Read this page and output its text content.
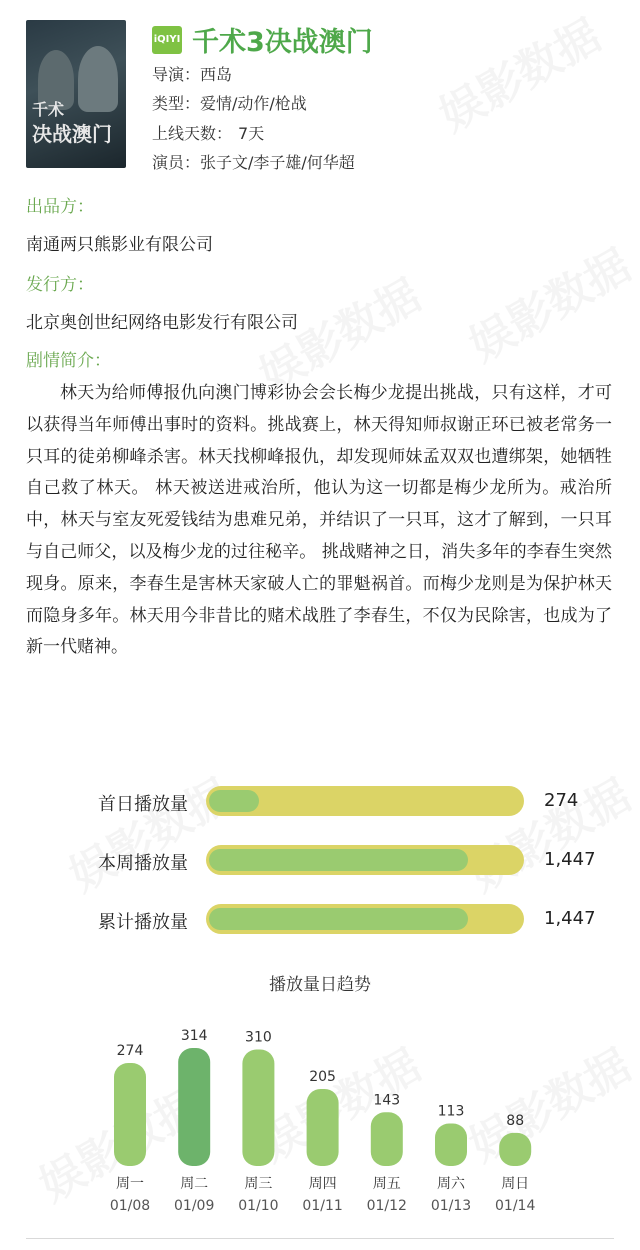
千术
决战澳门
iQIYI 千术3决战澳门
导演：西岛
类型：爱情/动作/枪战
上线天数： 7天
演员：张子文/李子雄/何华超
出品方：
南通两只熊影业有限公司
发行方：
北京奥创世纪网络电影发行有限公司
剧情简介：
林天为给师傅报仇向澳门博彩协会会长梅少龙提出挑战，只有这样，才可以获得当年师傅出事时的资料。挑战赛上，林天得知师叔谢正环已被老常务一只耳的徒弟柳峰杀害。林天找柳峰报仇，却发现师妹孟双双也遭绑架，她牺牲自己救了林天。 林天被送进戒治所，他认为这一切都是梅少龙所为。戒治所中，林天与室友死爱钱结为患难兄弟，并结识了一只耳，这才了解到，一只耳与自己师父，以及梅少龙的过往秘辛。 挑战赌神之日，消失多年的李春生突然现身。原来，李春生是害林天家破人亡的罪魁祸首。而梅少龙则是为保护林天而隐身多年。林天用今非昔比的赌术战胜了李春生，不仅为民除害，也成为了新一代赌神。
首日播放量	274
本周播放量	1,447
累计播放量	1,447
播放量日趋势
274
周一
01/08
314
周二
01/09
310
周三
01/10
205
周四
01/11
143
周五
01/12
113
周六
01/13
88
周日
01/14
